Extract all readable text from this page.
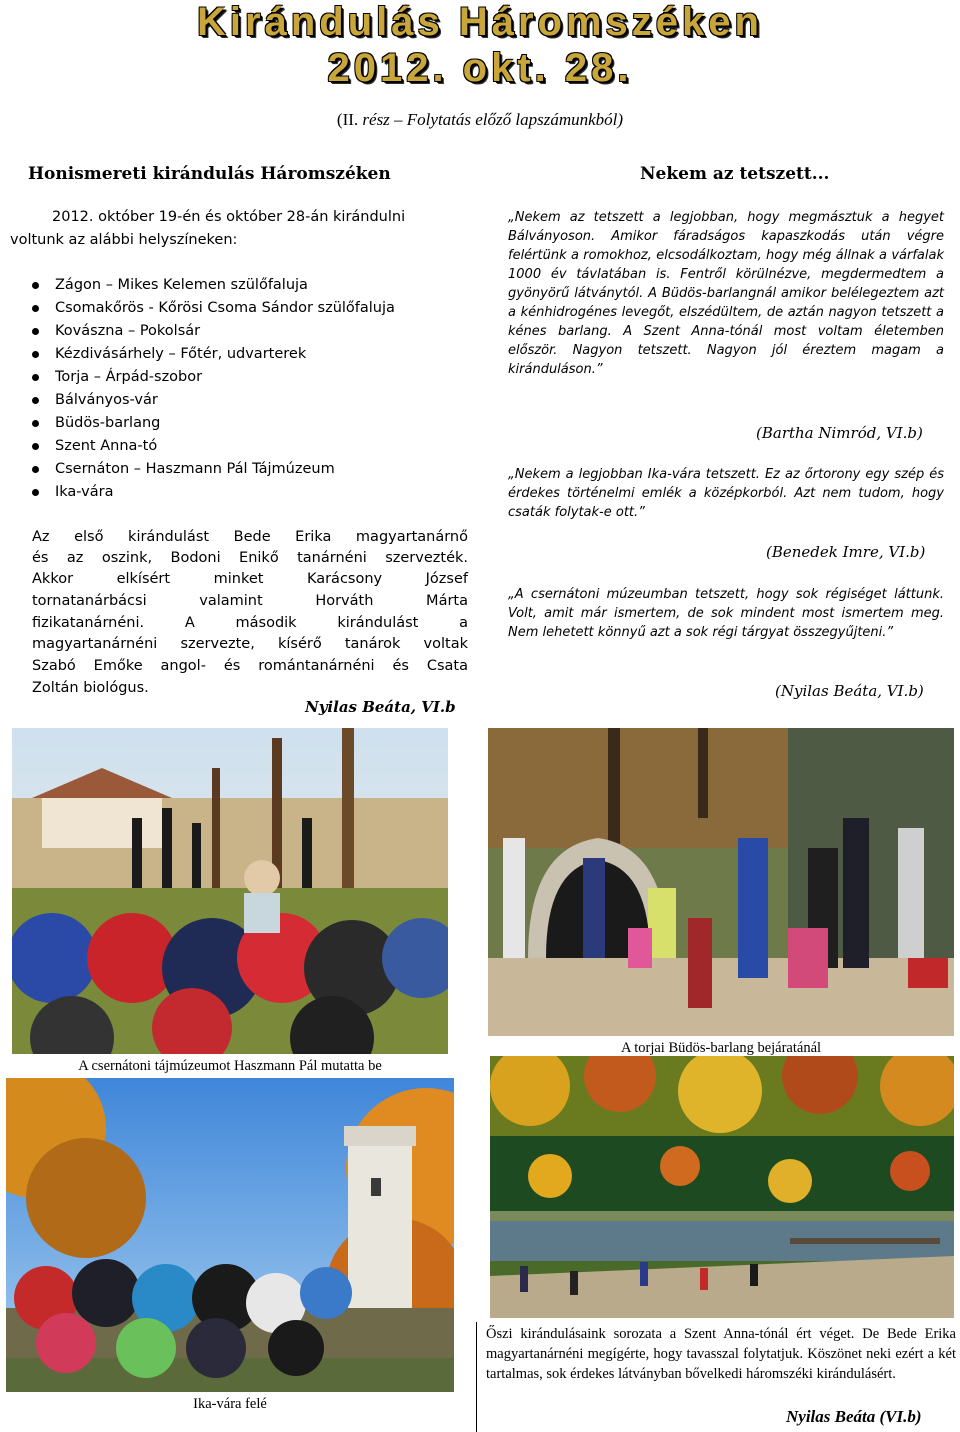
Kirándulás Háromszéken
2012. okt. 28.
(II. rész – Folytatás előző lapszámunkból)
Honismereti kirándulás Háromszéken
2012. október 19-én és október 28-án kirándulni
voltunk az alábbi helyszíneken:
Zágon – Mikes Kelemen szülőfaluja
Csomakőrös - Kőrösi Csoma Sándor szülőfaluja
Kovászna – Pokolsár
Kézdivásárhely – Főtér, udvarterek
Torja – Árpád-szobor
Bálványos-vár
Büdös-barlang
Szent Anna-tó
Csernáton – Haszmann Pál Tájmúzeum
Ika-vára
Az első kirándulást Bede Erika magyartanárnő
és az oszink, Bodoni Enikő tanárnéni szervezték.
Akkor elkísért minket Karácsony József
tornatanárbácsi valamint Horváth Márta
fizikatanárnéni. A második kirándulást a
magyartanárnéni szervezte, kísérő tanárok voltak
Szabó Emőke angol- és romántanárnéni és Csata
Zoltán biológus.
Nyilas Beáta, VI.b
Nekem az tetszett...
„Nekem az tetszett a legjobban, hogy megmásztuk a hegyet Bálványoson. Amikor fáradságos kapaszkodás után végre felértünk a romokhoz, elcsodálkoztam, hogy még állnak a várfalak 1000 év távlatában is. Fentről körülnézve, megdermedtem a gyönyörű látványtól. A Büdös-barlangnál amikor belélegeztem azt a kénhidrogénes levegőt, elszédültem, de aztán nagyon tetszett a kénes barlang. A Szent Anna-tónál most voltam életemben először. Nagyon tetszett. Nagyon jól éreztem magam a kiránduláson.”
(Bartha Nimród, VI.b)
„Nekem a legjobban Ika-vára tetszett. Ez az őrtorony egy szép és érdekes történelmi emlék a középkorból. Azt nem tudom, hogy csaták folytak-e ott.”
(Benedek Imre, VI.b)
„A csernátoni múzeumban tetszett, hogy sok régiséget láttunk. Volt, amit már ismertem, de sok mindent most ismertem meg. Nem lehetett könnyű azt a sok régi tárgyat összegyűjteni.”
(Nyilas Beáta, VI.b)
A csernátoni tájmúzeumot Haszmann Pál mutatta be
A torjai Büdös-barlang bejáratánál
Ika-vára felé
Őszi kirándulásaink sorozata a Szent Anna-tónál ért véget. De Bede Erika magyartanárnéni megígérte, hogy tavasszal folytatjuk. Köszönet neki ezért a két tartalmas, sok érdekes látványban bővelkedi háromszéki kirándulásért.
Nyilas Beáta (VI.b)
